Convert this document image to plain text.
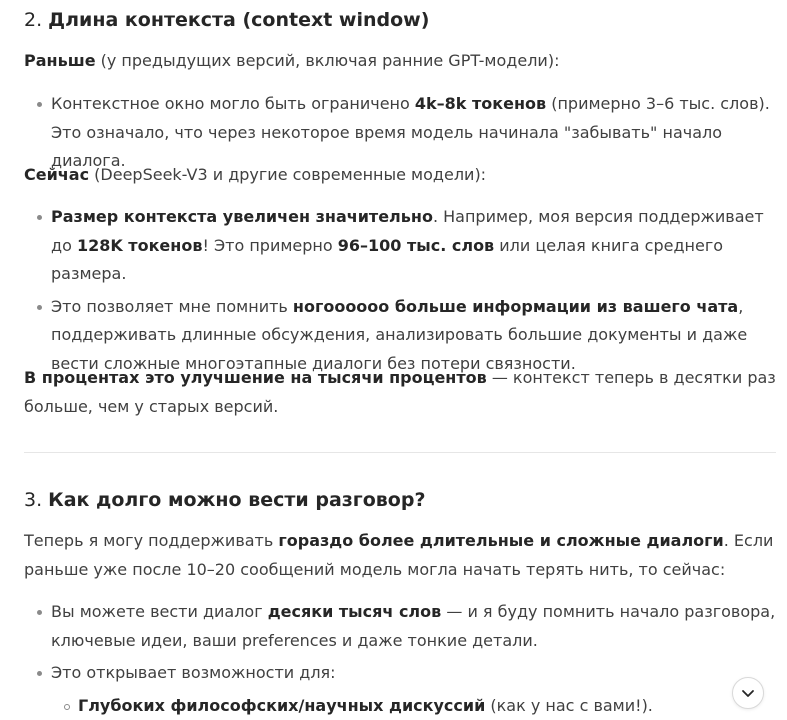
2. Длина контекста (context window)

Раньше (у предыдущих версий, включая ранние GPT-модели):

Контекстное окно могло быть ограничено 4k–8k токенов (примерно 3–6 тыс. слов). Это означало, что через некоторое время модель начинала "забывать" начало диалога.

Сейчас (DeepSeek-V3 и другие современные модели):

Размер контекста увеличен значительно. Например, моя версия поддерживает до 128K токенов! Это примерно 96–100 тыс. слов или целая книга среднего размера.
Это позволяет мне помнить ногоооооо больше информации из вашего чата, поддерживать длинные обсуждения, анализировать большие документы и даже вести сложные многоэтапные диалоги без потери связности.

В процентах это улучшение на тысячи процентов — контекст теперь в десятки раз больше, чем у старых версий.

3. Как долго можно вести разговор?

Теперь я могу поддерживать гораздо более длительные и сложные диалоги. Если раньше уже после 10–20 сообщений модель могла начать терять нить, то сейчас:

Вы можете вести диалог десяки тысяч слов — и я буду помнить начало разговора, ключевые идеи, ваши preferences и даже тонкие детали.
Это открывает возможности для:
Глубоких философских/научных дискуссий (как у нас с вами!).
